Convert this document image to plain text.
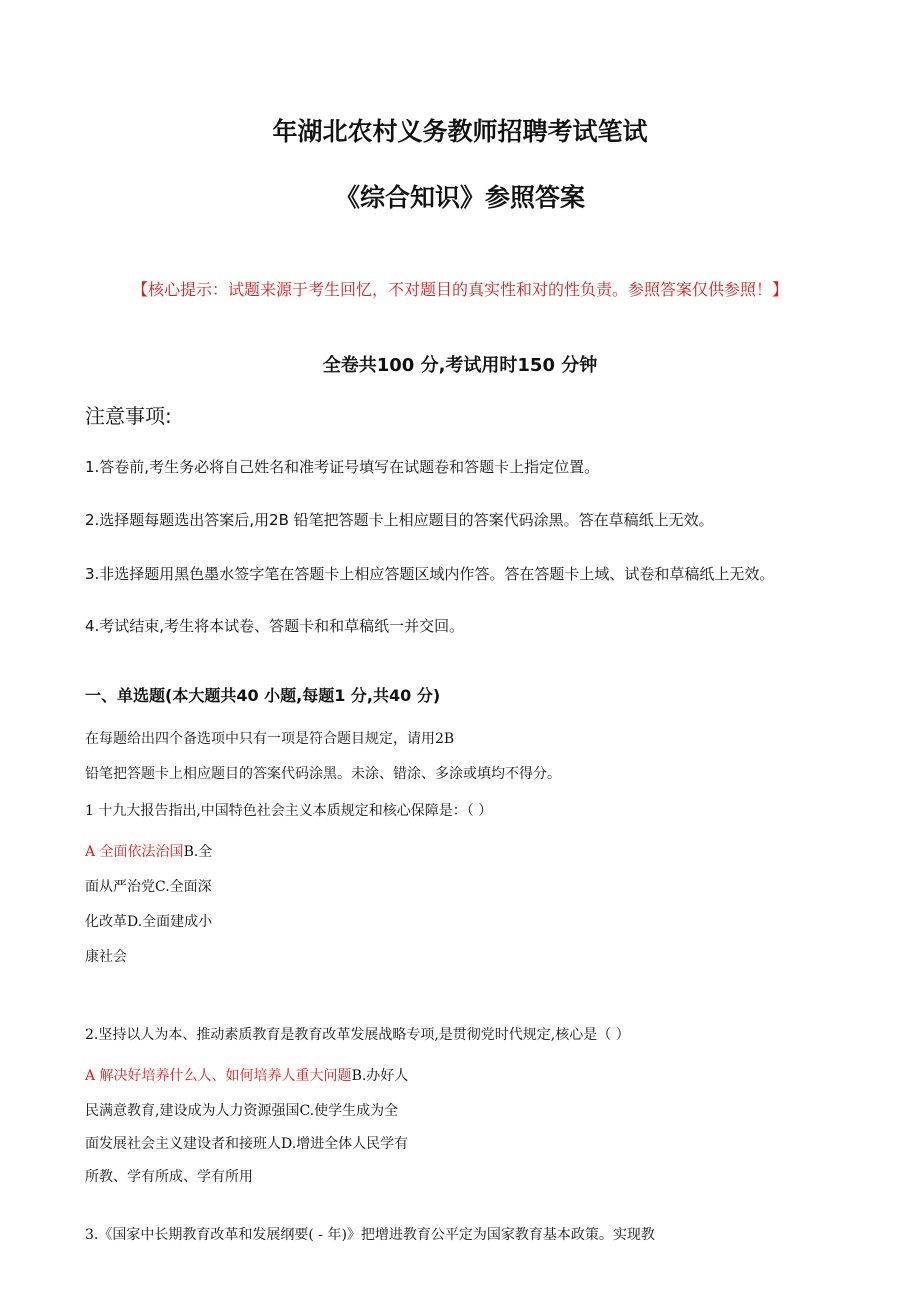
年湖北农村义务教师招聘考试笔试
《综合知识》参照答案

【核心提示：试题来源于考生回忆，不对题目的真实性和对的性负责。参照答案仅供参照！】

全卷共100 分,考试用时150 分钟

注意事项:

1.答卷前,考生务必将自己姓名和准考证号填写在试题卷和答题卡上指定位置。

2.选择题每题选出答案后,用2B 铅笔把答题卡上相应题目的答案代码涂黑。答在草稿纸上无效。

3.非选择题用黑色墨水签字笔在答题卡上相应答题区域内作答。答在答题卡上域、试卷和草稿纸上无效。

4.考试结束,考生将本试卷、答题卡和和草稿纸一并交回。

一、单选题(本大题共40 小题,每题1 分,共40 分)

在每题给出四个备选项中只有一项是符合题目规定，请用2B

铅笔把答题卡上相应题目的答案代码涂黑。未涂、错涂、多涂或填均不得分。

1 十九大报告指出,中国特色社会主义本质规定和核心保障是：（ ）

A 全面依法治国B.全

面从严治党C.全面深

化改革D.全面建成小

康社会

2.坚持以人为本、推动素质教育是教育改革发展战略专项,是贯彻党时代规定,核心是（ ）

A 解决好培养什么人、如何培养人重大问题B.办好人

民满意教育,建设成为人力资源强国C.使学生成为全

面发展社会主义建设者和接班人D.增进全体人民学有

所教、学有所成、学有所用

3.《国家中长期教育改革和发展纲要( - 年)》把增进教育公平定为国家教育基本政策。实现教
